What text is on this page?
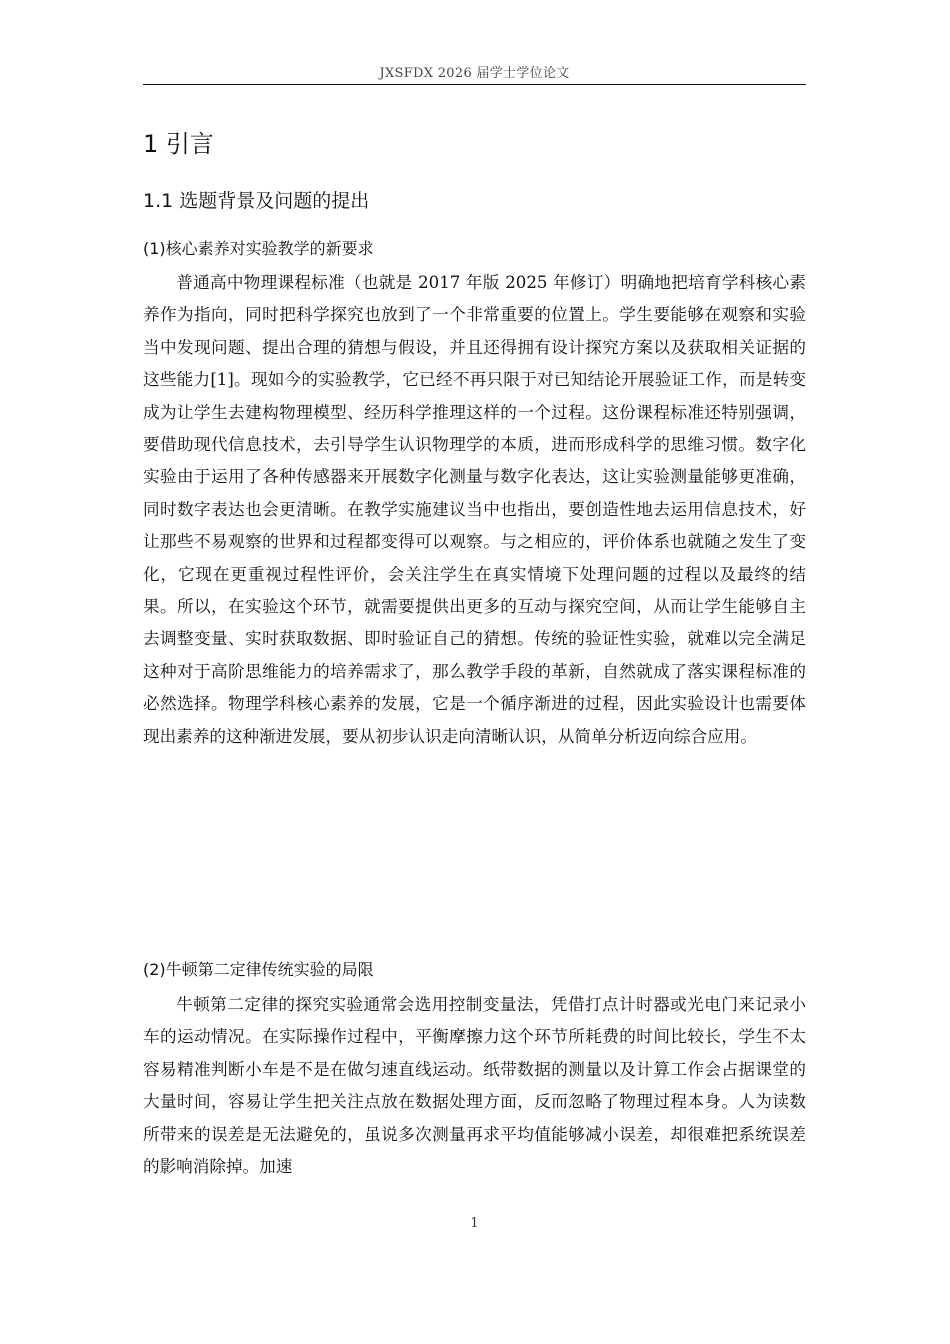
JXSFDX 2026 届学士学位论文
1 引言
1.1 选题背景及问题的提出
(1)核心素养对实验教学的新要求

普通高中物理课程标准（也就是 2017 年版 2025 年修订）明确地把培育学科核心素养作为指向，同时把科学探究也放到了一个非常重要的位置上。学生要能够在观察和实验当中发现问题、提出合理的猜想与假设，并且还得拥有设计探究方案以及获取相关证据的这些能力[1]。现如今的实验教学，它已经不再只限于对已知结论开展验证工作，而是转变成为让学生去建构物理模型、经历科学推理这样的一个过程。这份课程标准还特别强调，要借助现代信息技术，去引导学生认识物理学的本质，进而形成科学的思维习惯。数字化实验由于运用了各种传感器来开展数字化测量与数字化表达，这让实验测量能够更准确，同时数字表达也会更清晰。在教学实施建议当中也指出，要创造性地去运用信息技术，好让那些不易观察的世界和过程都变得可以观察。与之相应的，评价体系也就随之发生了变化，它现在更重视过程性评价，会关注学生在真实情境下处理问题的过程以及最终的结果。所以，在实验这个环节，就需要提供出更多的互动与探究空间，从而让学生能够自主去调整变量、实时获取数据、即时验证自己的猜想。传统的验证性实验，就难以完全满足这种对于高阶思维能力的培养需求了，那么教学手段的革新，自然就成了落实课程标准的必然选择。物理学科核心素养的发展，它是一个循序渐进的过程，因此实验设计也需要体现出素养的这种渐进发展，要从初步认识走向清晰认识，从简单分析迈向综合应用。

(2)牛顿第二定律传统实验的局限

牛顿第二定律的探究实验通常会选用控制变量法，凭借打点计时器或光电门来记录小车的运动情况。在实际操作过程中，平衡摩擦力这个环节所耗费的时间比较长，学生不太容易精准判断小车是不是在做匀速直线运动。纸带数据的测量以及计算工作会占据课堂的大量时间，容易让学生把关注点放在数据处理方面，反而忽略了物理过程本身。人为读数所带来的误差是无法避免的，虽说多次测量再求平均值能够减小误差，却很难把系统误差的影响消除掉。加速

1
